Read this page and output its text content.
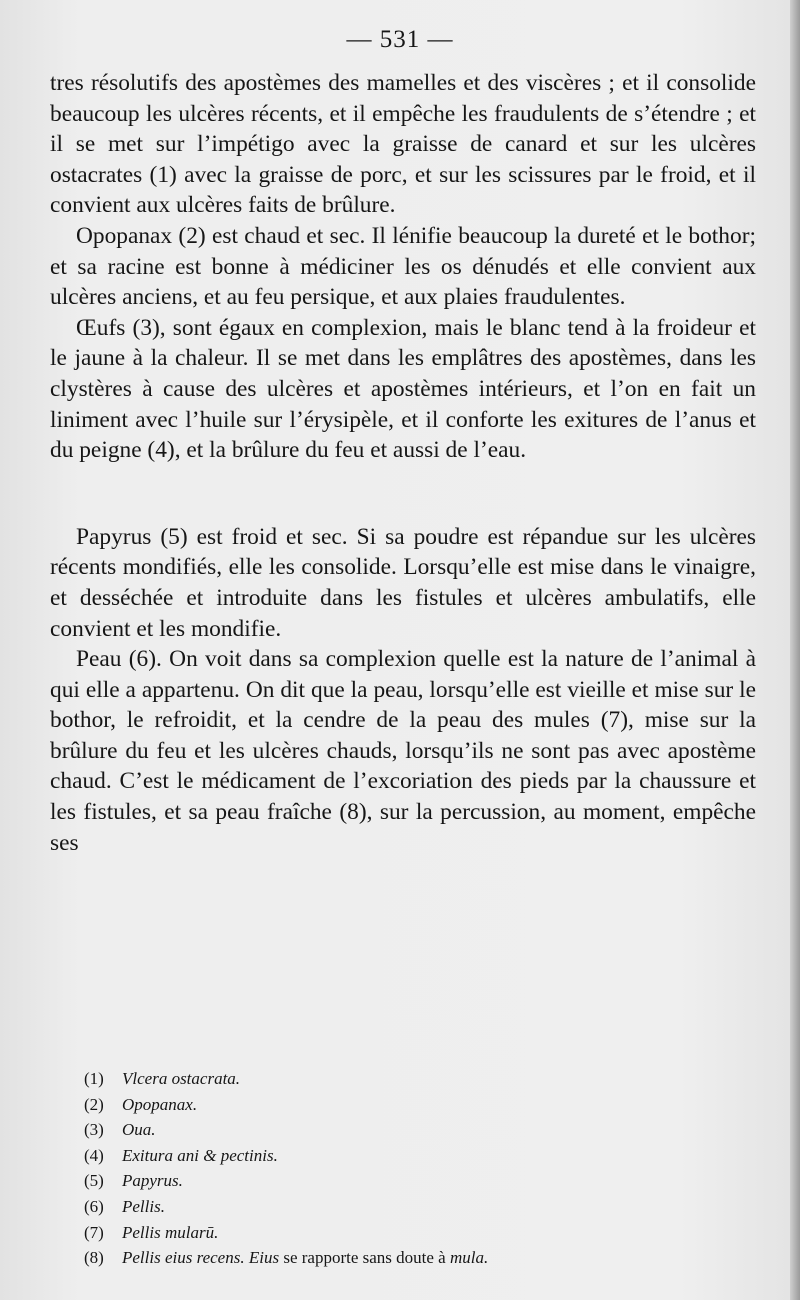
— 531 —

tres résolutifs des apostèmes des mamelles et des viscères ; et il consolide beaucoup les ulcères récents, et il empêche les fraudulents de s’étendre ; et il se met sur l’impétigo avec la graisse de canard et sur les ulcères ostacrates (1) avec la graisse de porc, et sur les scissures par le froid, et il convient aux ulcères faits de brûlure.

Opopanax (2) est chaud et sec. Il lénifie beaucoup la dureté et le bothor; et sa racine est bonne à médiciner les os dénudés et elle convient aux ulcères anciens, et au feu persique, et aux plaies fraudulentes.

Œufs (3), sont égaux en complexion, mais le blanc tend à la froideur et le jaune à la chaleur. Il se met dans les emplâtres des apostèmes, dans les clystères à cause des ulcères et apostèmes intérieurs, et l’on en fait un liniment avec l’huile sur l’érysipèle, et il conforte les exitures de l’anus et du peigne (4), et la brûlure du feu et aussi de l’eau.

Papyrus (5) est froid et sec. Si sa poudre est répandue sur les ulcères récents mondifiés, elle les consolide. Lorsqu’elle est mise dans le vinaigre, et desséchée et introduite dans les fistules et ulcères ambulatifs, elle convient et les mondifie.

Peau (6). On voit dans sa complexion quelle est la nature de l’animal à qui elle a appartenu. On dit que la peau, lorsqu’elle est vieille et mise sur le bothor, le refroidit, et la cendre de la peau des mules (7), mise sur la brûlure du feu et les ulcères chauds, lorsqu’ils ne sont pas avec apostème chaud. C’est le médicament de l’excoriation des pieds par la chaussure et les fistules, et sa peau fraîche (8), sur la percussion, au moment, empêche ses

(1)	Vlcera ostacrata.
(2)	Opopanax.
(3)	Oua.
(4)	Exitura ani & pectinis.
(5)	Papyrus.
(6)	Pellis.
(7)	Pellis mularū.
(8)	Pellis eius recens. Eius se rapporte sans doute à mula.
